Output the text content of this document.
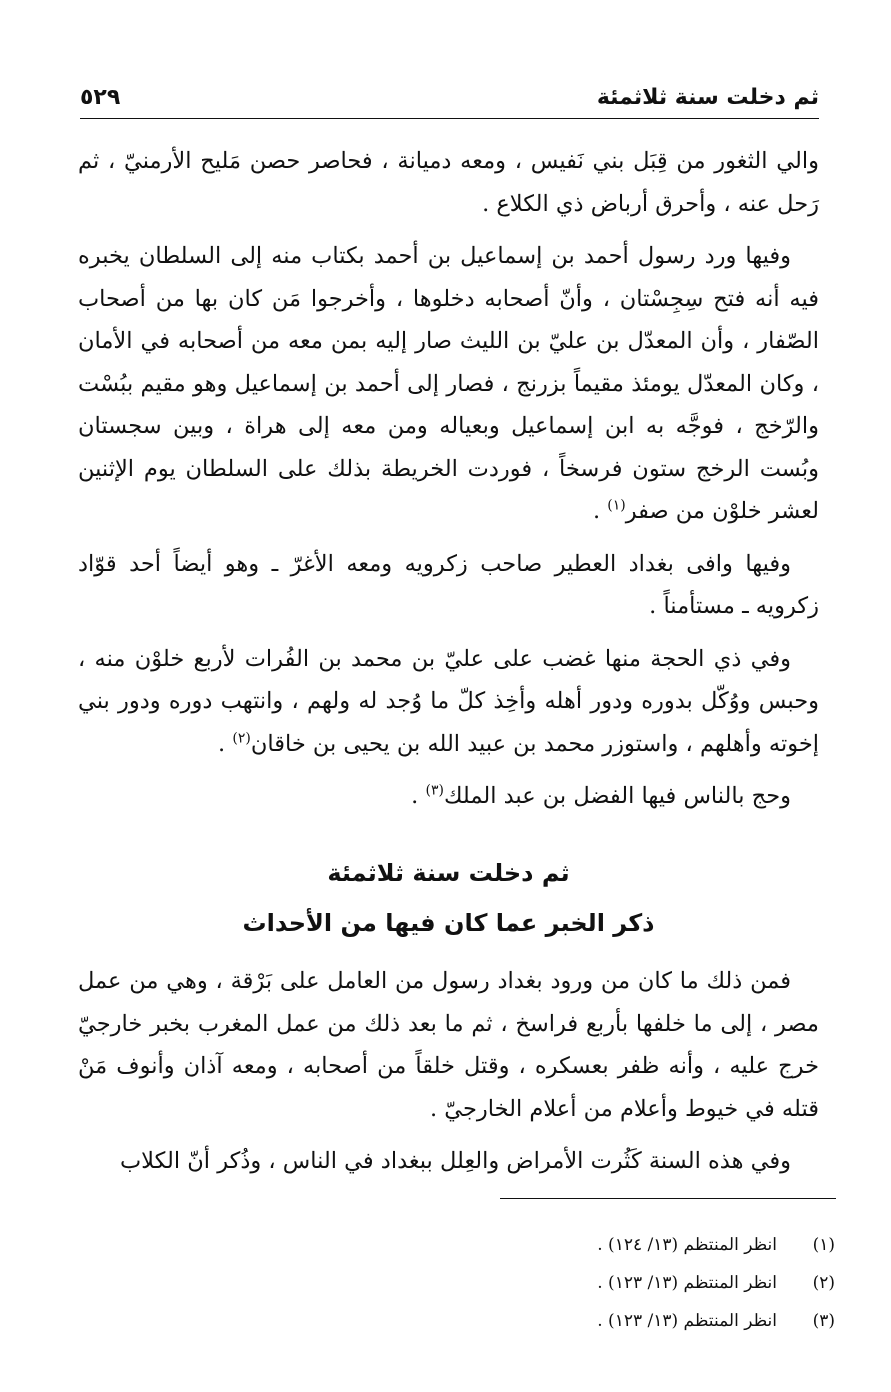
ثم دخلت سنة ثلاثمئة
٥٢٩

والي الثغور من قِبَل بني نَفيس ، ومعه دميانة ، فحاصر حصن مَليح الأرمنيّ ، ثم رَحل عنه ، وأحرق أرباض ذي الكلاع .

وفيها ورد رسول أحمد بن إسماعيل بن أحمد بكتاب منه إلى السلطان يخبره فيه أنه فتح سِجِسْتان ، وأنّ أصحابه دخلوها ، وأخرجوا مَن كان بها من أصحاب الصّفار ، وأن المعدّل بن عليّ بن الليث صار إليه بمن معه من أصحابه في الأمان ، وكان المعدّل يومئذ مقيماً بزرنج ، فصار إلى أحمد بن إسماعيل وهو مقيم ببُسْت والرّخج ، فوجَّه به ابن إسماعيل وبعياله ومن معه إلى هراة ، وبين سجستان وبُست الرخج ستون فرسخاً ، فوردت الخريطة بذلك على السلطان يوم الإثنين لعشر خلوْن من صفر$^{(١)}$ .

وفيها وافى بغداد العطير صاحب زكرويه ومعه الأغرّ ـ وهو أيضاً أحد قوّاد زكرويه ـ مستأمناً .

وفي ذي الحجة منها غضب على عليّ بن محمد بن الفُرات لأربع خلوْن منه ، وحبس ووُكّل بدوره ودور أهله وأخِذ كلّ ما وُجد له ولهم ، وانتهب دوره ودور بني إخوته وأهلهم ، واستوزر محمد بن عبيد الله بن يحيى بن خاقان$^{(٢)}$ .

وحج بالناس فيها الفضل بن عبد الملك$^{(٣)}$ .

ثم دخلت سنة ثلاثمئة
ذكر الخبر عما كان فيها من الأحداث

فمن ذلك ما كان من ورود بغداد رسول من العامل على بَرْقة ، وهي من عمل مصر ، إلى ما خلفها بأربع فراسخ ، ثم ما بعد ذلك من عمل المغرب بخبر خارجيّ خرج عليه ، وأنه ظفر بعسكره ، وقتل خلقاً من أصحابه ، ومعه آذان وأنوف مَنْ قتله في خيوط وأعلام من أعلام الخارجيّ .

وفي هذه السنة كَثُرت الأمراض والعِلل ببغداد في الناس ، وذُكر أنّ الكلاب

(١)
انظر المنتظم (١٣/ ١٢٤) .
(٢)
انظر المنتظم (١٣/ ١٢٣) .
(٣)
انظر المنتظم (١٣/ ١٢٣) .
